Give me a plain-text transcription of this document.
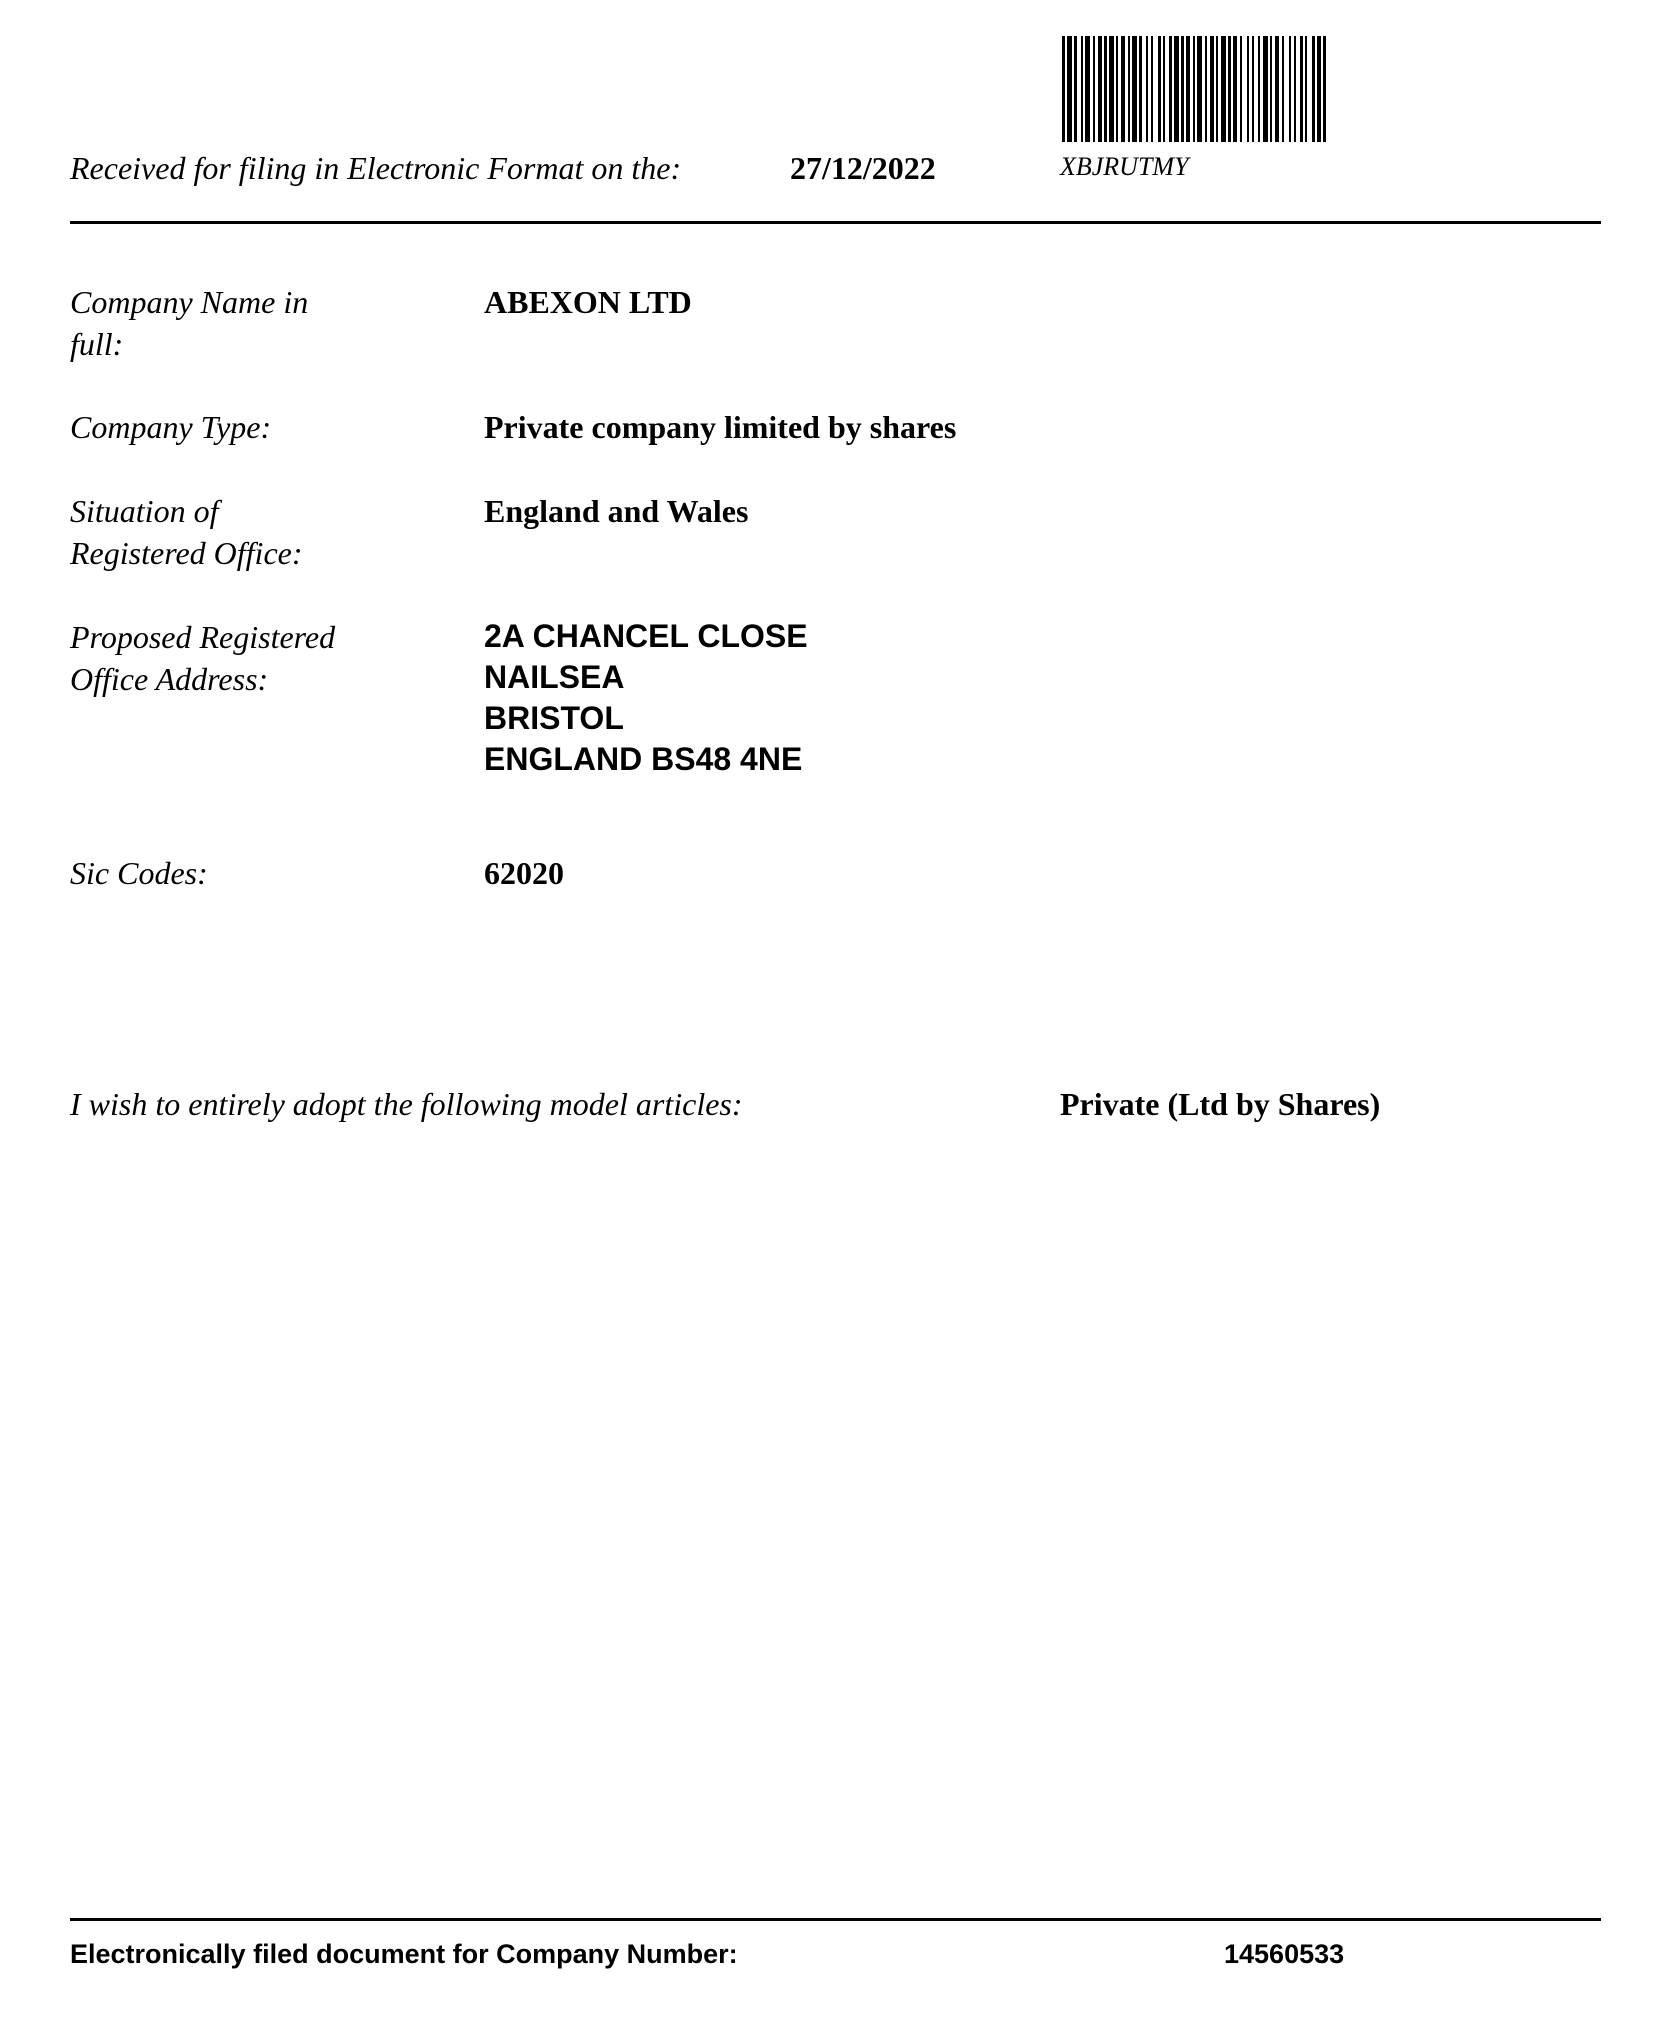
Received for filing in Electronic Format on the:	27/12/2022	XBJRUTMY
Company Name in
full:
ABEXON LTD
Company Type:	Private company limited by shares
Situation of
Registered Office:
England and Wales
Proposed Registered
Office Address:
2A CHANCEL CLOSE
NAILSEA
BRISTOL
ENGLAND BS48 4NE
Sic Codes:	62020
I wish to entirely adopt the following model articles:	Private (Ltd by Shares)
Electronically filed document for Company Number:	14560533
